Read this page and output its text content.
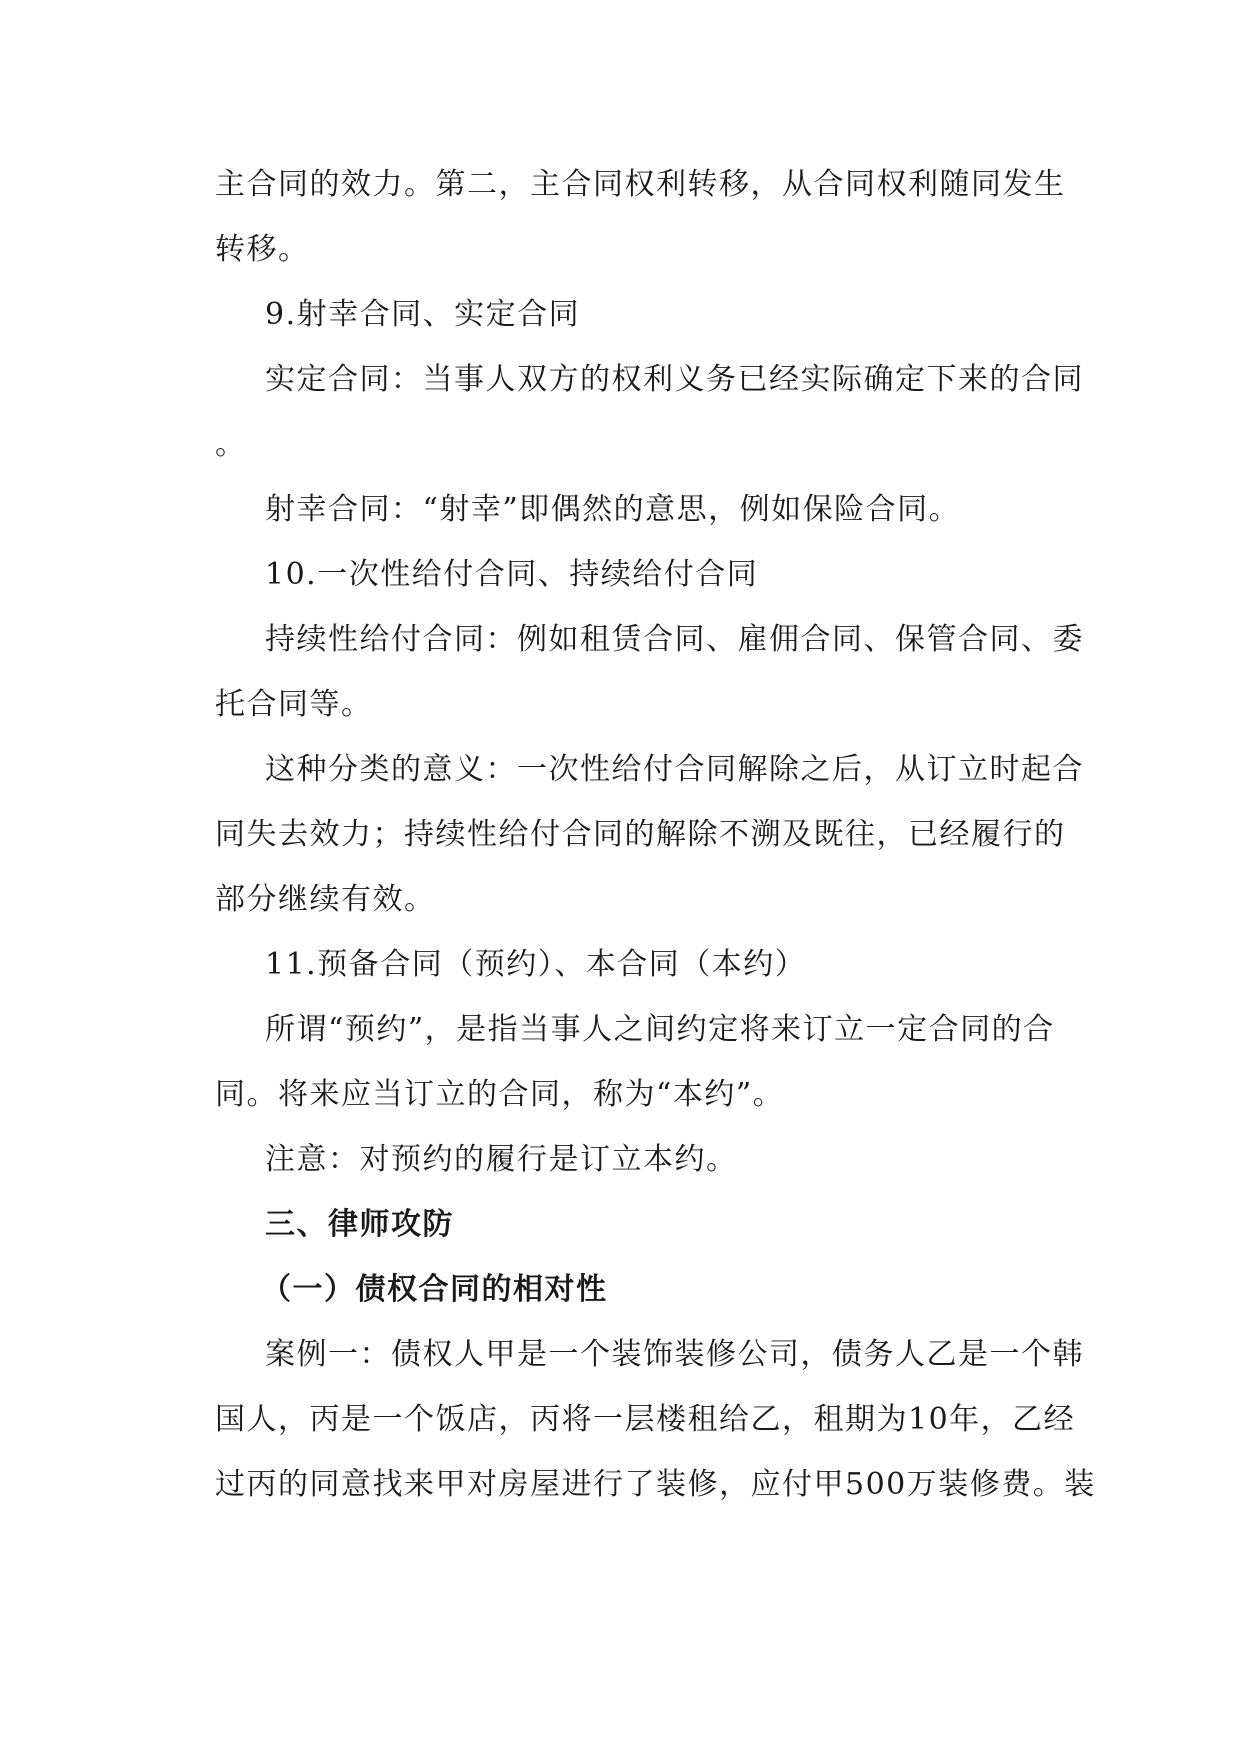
主合同的效力。第二，主合同权利转移，从合同权利随同发生
转移。
9.射幸合同、实定合同
实定合同：当事人双方的权利义务已经实际确定下来的合同
。
射幸合同：“射幸”即偶然的意思，例如保险合同。
10.一次性给付合同、持续给付合同
持续性给付合同：例如租赁合同、雇佣合同、保管合同、委
托合同等。
这种分类的意义：一次性给付合同解除之后，从订立时起合
同失去效力；持续性给付合同的解除不溯及既往，已经履行的
部分继续有效。
11.预备合同（预约）、本合同（本约）
所谓“预约”，是指当事人之间约定将来订立一定合同的合
同。将来应当订立的合同，称为“本约”。
注意：对预约的履行是订立本约。
三、律师攻防
（一）债权合同的相对性
案例一：债权人甲是一个装饰装修公司，债务人乙是一个韩
国人，丙是一个饭店，丙将一层楼租给乙，租期为10年，乙经
过丙的同意找来甲对房屋进行了装修，应付甲500万装修费。装
